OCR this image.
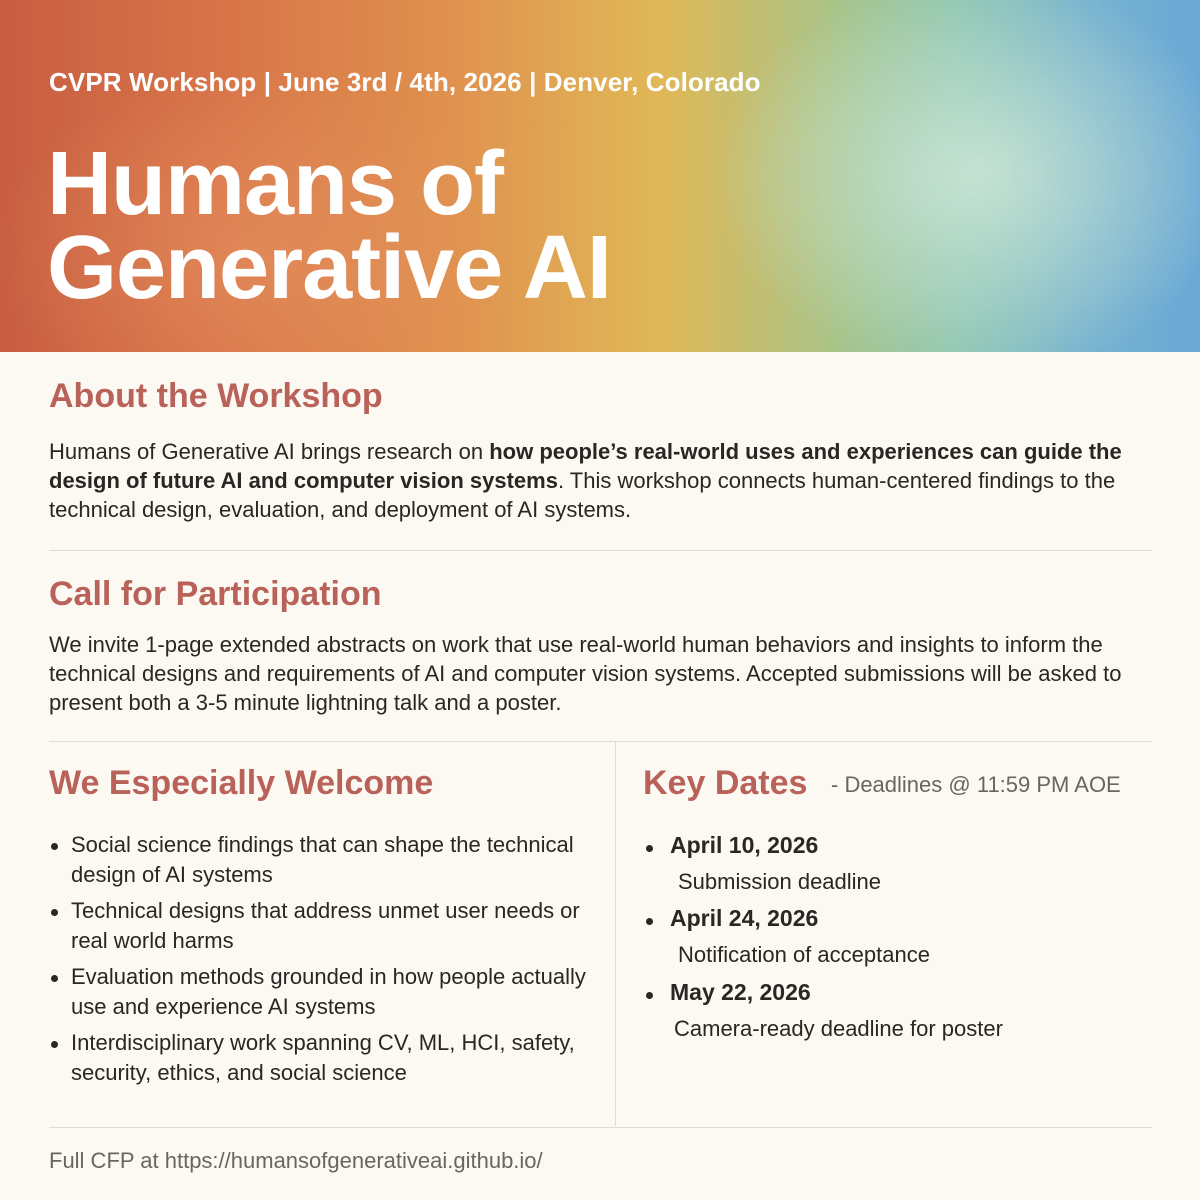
CVPR Workshop | June 3rd / 4th, 2026 | Denver, Colorado
Humans of
Generative AI
About the Workshop

Humans of Generative AI brings research on how people’s real-world uses and experiences can guide the design of future AI and computer vision systems. This workshop connects human-centered findings to the technical design, evaluation, and deployment of AI systems.

Call for Participation

We invite 1-page extended abstracts on work that use real-world human behaviors and insights to inform the technical designs and requirements of AI and computer vision systems. Accepted submissions will be asked to present both a 3-5 minute lightning talk and a poster.

We Especially Welcome
Social science findings that can shape the technical design of AI systems
Technical designs that address unmet user needs or real world harms
Evaluation methods grounded in how people actually use and experience AI systems
Interdisciplinary work spanning CV, ML, HCI, safety, security, ethics, and social science
Key Dates - Deadlines @ 11:59 PM AOE
April 10, 2026
Submission deadline
April 24, 2026
Notification of acceptance
May 22, 2026
Camera-ready deadline for poster
Full CFP at https://humansofgenerativeai.github.io/
